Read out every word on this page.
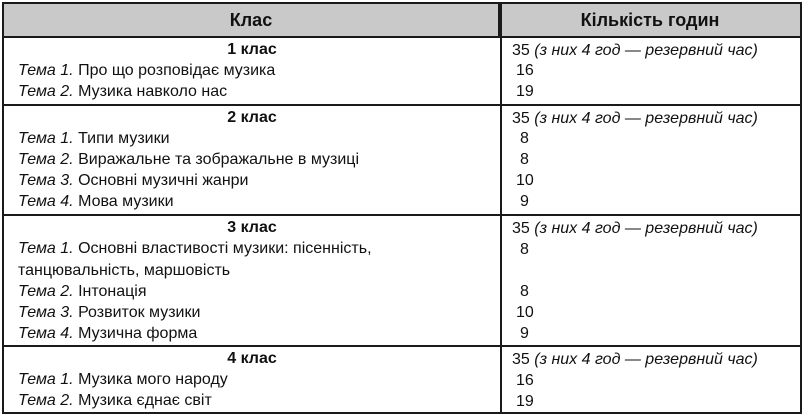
Клас	Кількість годин
1 клас	35 (з них 4 год — резервний час)
Тема 1. Про що розповідає музика	16
Тема 2. Музика навколо нас	19
2 клас	35 (з них 4 год — резервний час)
Тема 1. Типи музики	8
Тема 2. Виражальне та зображальне в музиці	8
Тема 3. Основні музичні жанри	10
Тема 4. Мова музики	9
3 клас	35 (з них 4 год — резервний час)
Тема 1. Основні властивості музики: пісенність,	8
танцювальність, маршовість
Тема 2. Інтонація	8
Тема 3. Розвиток музики	10
Тема 4. Музична форма	9
4 клас	35 (з них 4 год — резервний час)
Тема 1. Музика мого народу	16
Тема 2. Музика єднає світ	19
